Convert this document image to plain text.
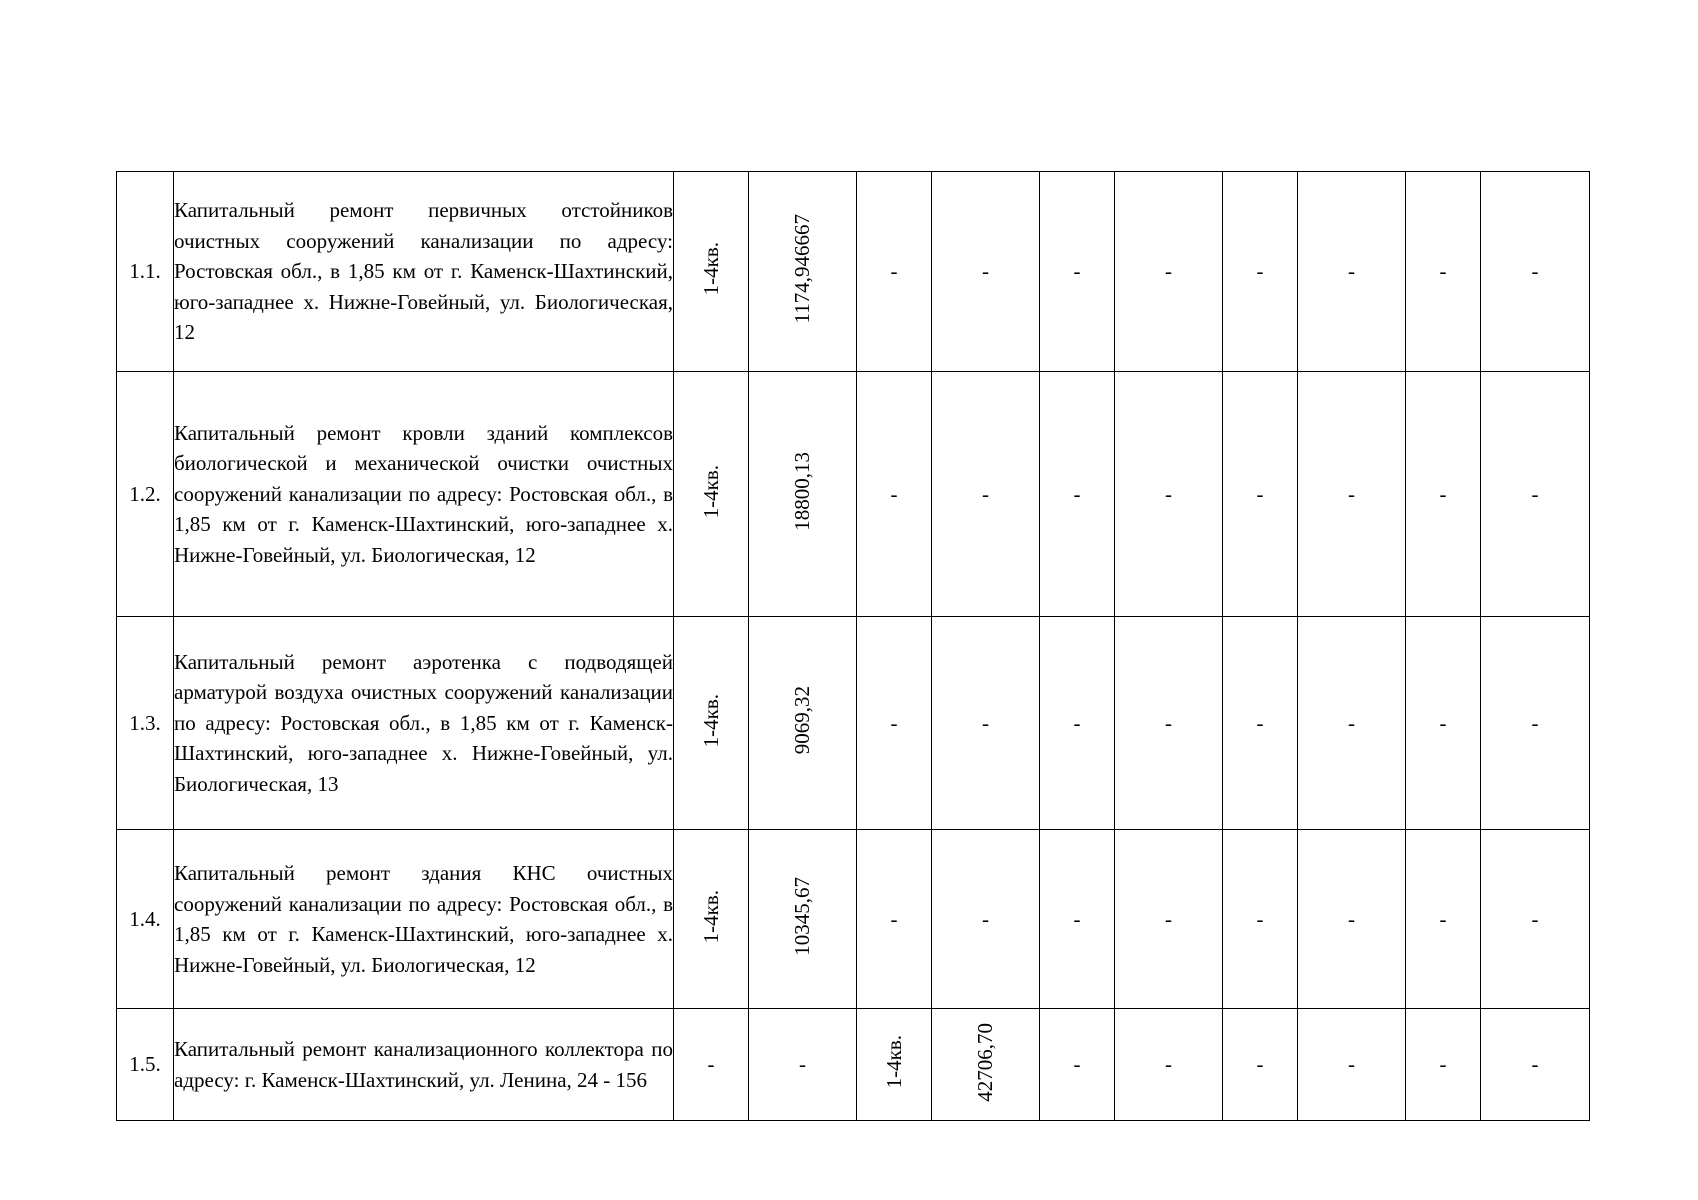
1.1.	Капитальный ремонт первичных отстойников очистных сооружений канализации по адресу: Ростовская обл., в 1,85 км от г. Каменск-Шахтинский, юго-западнее х. Нижне-Говейный, ул. Биологическая, 12	1-4кв.	1174,946667	-	-	-	-	-	-	-	-
1.2.	Капитальный ремонт кровли зданий комплексов биологической и механической очистки очистных сооружений канализации по адресу: Ростовская обл., в 1,85 км от г. Каменск-Шахтинский, юго-западнее х. Нижне-Говейный, ул. Биологическая, 12	1-4кв.	18800,13	-	-	-	-	-	-	-	-
1.3.	Капитальный ремонт аэротенка с подводящей арматурой воздуха очистных сооружений канализации по адресу: Ростовская обл., в 1,85 км от г. Каменск-Шахтинский, юго-западнее х. Нижне-Говейный, ул. Биологическая, 13	1-4кв.	9069,32	-	-	-	-	-	-	-	-
1.4.	Капитальный ремонт здания КНС очистных сооружений канализации по адресу: Ростовская обл., в 1,85 км от г. Каменск-Шахтинский, юго-западнее х. Нижне-Говейный, ул. Биологическая, 12	1-4кв.	10345,67	-	-	-	-	-	-	-	-
1.5.	Капитальный ремонт канализационного коллектора по адресу: г. Каменск-Шахтинский, ул. Ленина, 24 - 156	-	-	1-4кв.	42706,70	-	-	-	-	-	-
